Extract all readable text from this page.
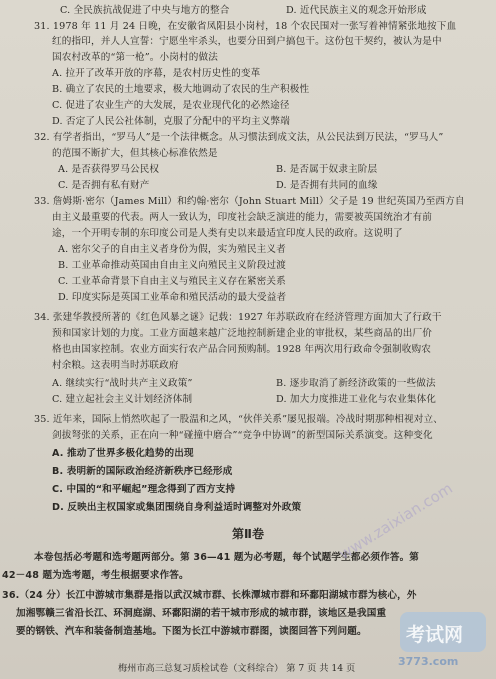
C. 全民族抗战促进了中央与地方的整合	D. 近代民族主义的观念开始形成
31. 1978 年 11 月 24 日晚，在安徽省凤阳县小岗村，18 个农民围对一张写着神情紧张地按下血
红的指印，并人人宣誓：宁愿坐牢杀头，也要分田到户搞包干。这份包干契约，被认为是中
国农村改革的“第一枪”。小岗村的做法
A. 拉开了改革开放的序幕，是农村历史性的变革
B. 确立了农民的土地要求，极大地调动了农民的生产积极性
C. 促进了农业生产的大发展，是农业现代化的必然途径
D. 否定了人民公社体制，克服了分配中的平均主义弊端
32. 有学者指出，“罗马人”是一个法律概念。从习惯法到成文法，从公民法到万民法，“罗马人”
的范围不断扩大，但其核心标准依然是
A. 是否获得罗马公民权	B. 是否属于奴隶主阶层
C. 是否拥有私有财产	D. 是否拥有共同的血缘
33. 詹姆斯·密尔（James Mill）和约翰·密尔（John Stuart Mill）父子是 19 世纪英国乃至西方自
由主义最重要的代表。两人一致认为，印度社会缺乏演进的能力，需要被英国统治才有前
途，一个开明专制的东印度公司是人类有史以来最适宜印度人民的政府。这说明了
A. 密尔父子的自由主义者身份为假，实为殖民主义者
B. 工业革命推动英国由自由主义向殖民主义阶段过渡
C. 工业革命背景下自由主义与殖民主义存在紧密关系
D. 印度实际是英国工业革命和殖民活动的最大受益者
34. 张建华教授所著的《红色风暴之谜》记载：1927 年苏联政府在经济管理方面加大了行政干
预和国家计划的力度。工业方面越来越广泛地控制新建企业的审批权，某些商品的出厂价
格也由国家控制。农业方面实行农产品合同预购制。1928 年两次用行政命令强制收购农
村余粮。这表明当时苏联政府
A. 继续实行“战时共产主义政策”	B. 逐步取消了新经济政策的一些做法
C. 建立起社会主义计划经济体制	D. 加大力度推进工业化与农业集体化
35. 近年来，国际上悄然吹起了一股温和之风，“伙伴关系”屡见报端。冷战时期那种相视对立、
剑拔弩张的关系，正在向一种“碰撞中磨合”“竞争中协调”的新型国际关系演变。这种变化
A. 推动了世界多极化趋势的出现
B. 表明新的国际政治经济新秩序已经形成
C. 中国的“和平崛起”理念得到了西方支持
D. 反映出主权国家或集团围绕自身利益适时调整对外政策
第Ⅱ卷
本卷包括必考题和选考题两部分。第 36—41 题为必考题，每个试题学生都必须作答。第
42－48 题为选考题，考生根据要求作答。
36.（24 分）长江中游城市集群是指以武汉城市群、长株潭城市群和环鄱阳湖城市群为核心，外
加湘鄂赣三省沿长江、环洞庭湖、环鄱阳湖的若干城市形成的城市群，该地区是我国重
要的钢铁、汽车和装备制造基地。下图为长江中游城市群图，读图回答下列问题。
梅州市高三总复习质检试卷（文科综合） 第 7 页 共 14 页
www.zaixian.com
考试网
3773.com
